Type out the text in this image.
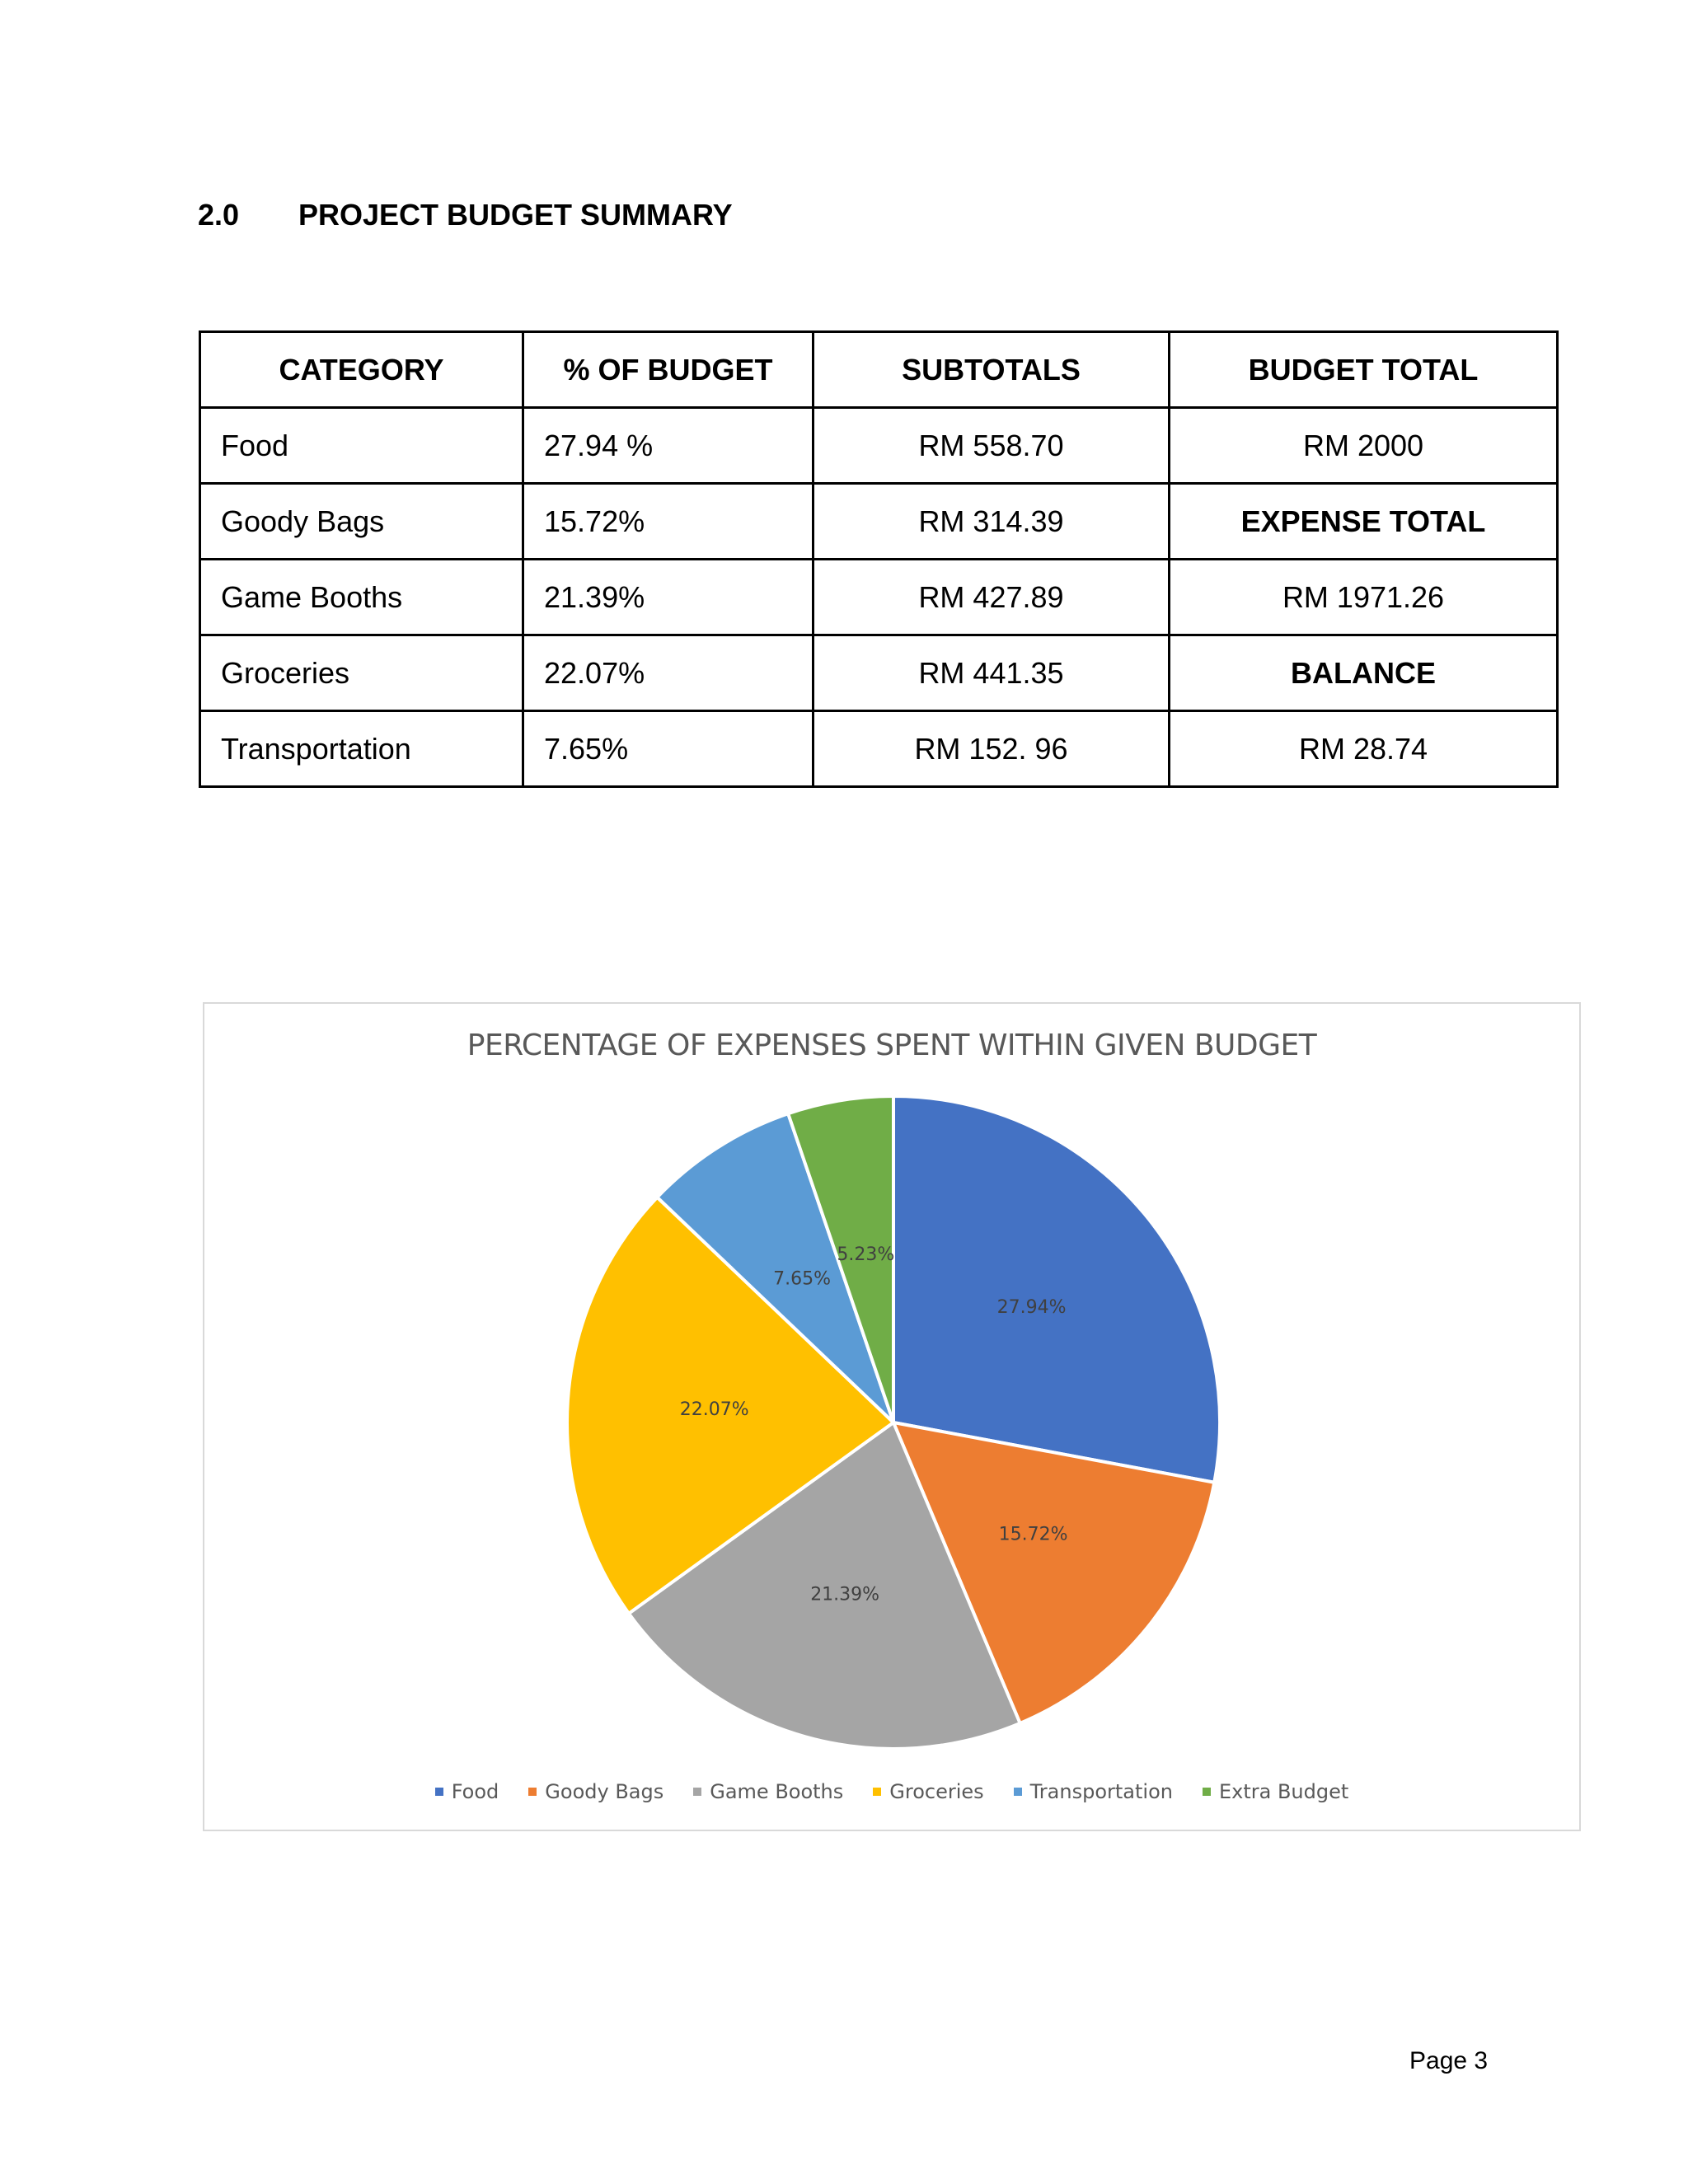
2.0 PROJECT BUDGET SUMMARY
CATEGORY	% OF BUDGET	SUBTOTALS	BUDGET TOTAL
Food	27.94 %	RM 558.70	RM 2000
Goody Bags	15.72%	RM 314.39	EXPENSE TOTAL
Game Booths	21.39%	RM 427.89	RM 1971.26
Groceries	22.07%	RM 441.35	BALANCE
Transportation	7.65%	RM 152. 96	RM 28.74
PERCENTAGE OF EXPENSES SPENT WITHIN GIVEN BUDGET
27.94%
15.72%
21.39%
22.07%
7.65%
5.23%
Food Goody Bags Game Booths Groceries Transportation Extra Budget
Page 3
